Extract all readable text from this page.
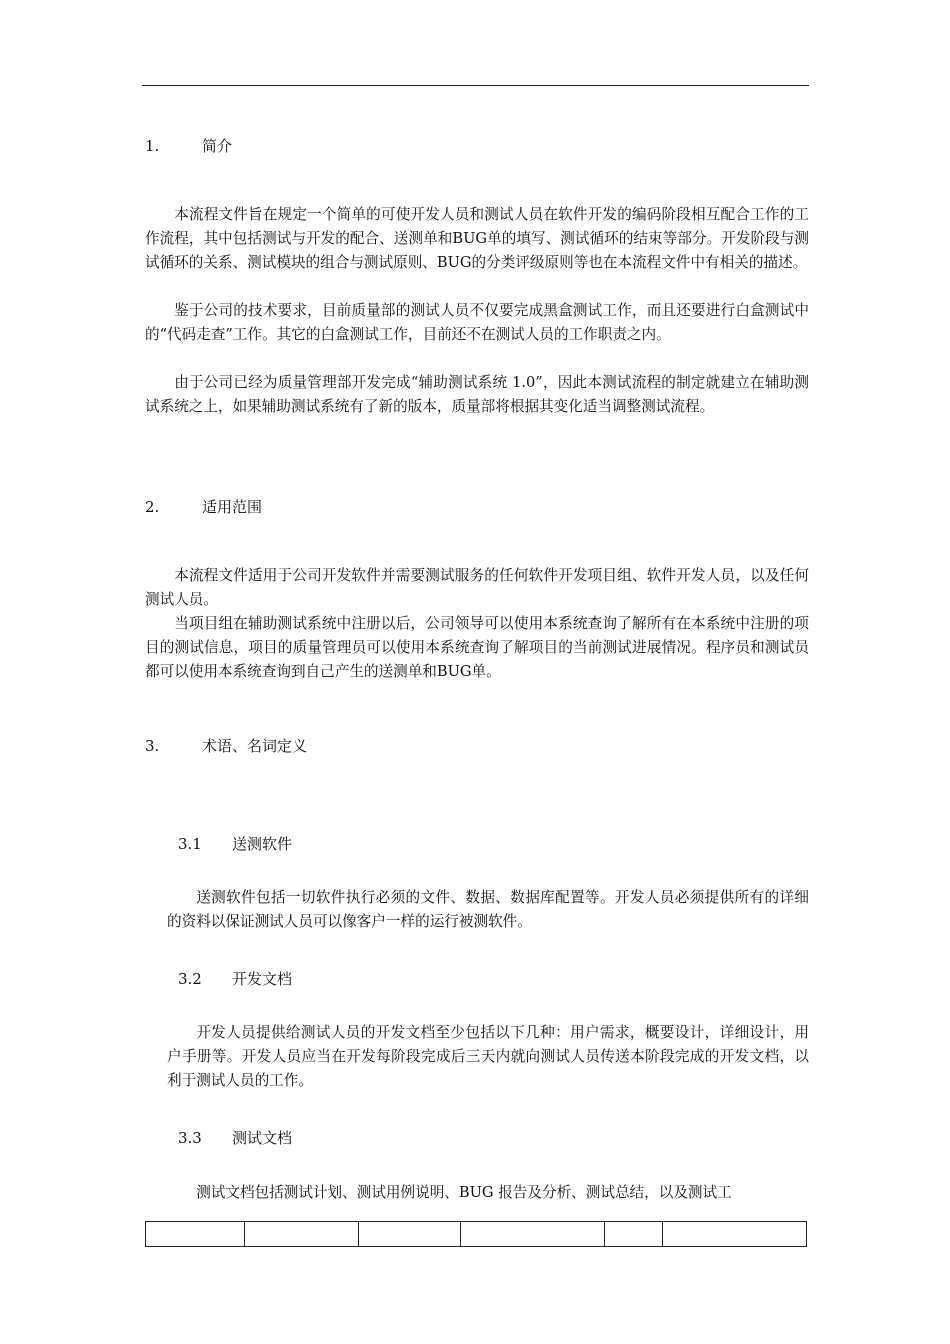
1.	简介

本流程文件旨在规定一个简单的可使开发人员和测试人员在软件开发的编码阶段相互配合工作的工作流程，其中包括测试与开发的配合、送测单和BUG单的填写、测试循环的结束等部分。开发阶段与测试循环的关系、测试模块的组合与测试原则、BUG的分类评级原则等也在本流程文件中有相关的描述。

鉴于公司的技术要求，目前质量部的测试人员不仅要完成黑盒测试工作，而且还要进行白盒测试中的“代码走查”工作。其它的白盒测试工作，目前还不在测试人员的工作职责之内。

由于公司已经为质量管理部开发完成“辅助测试系统 1.0”，因此本测试流程的制定就建立在辅助测试系统之上，如果辅助测试系统有了新的版本，质量部将根据其变化适当调整测试流程。

2.	适用范围

本流程文件适用于公司开发软件并需要测试服务的任何软件开发项目组、软件开发人员，以及任何测试人员。

当项目组在辅助测试系统中注册以后，公司领导可以使用本系统查询了解所有在本系统中注册的项目的测试信息，项目的质量管理员可以使用本系统查询了解项目的当前测试进展情况。程序员和测试员都可以使用本系统查询到自己产生的送测单和BUG单。

3.	术语、名词定义
3.1 送测软件

送测软件包括一切软件执行必须的文件、数据、数据库配置等。开发人员必须提供所有的详细的资料以保证测试人员可以像客户一样的运行被测软件。

3.2 开发文档

开发人员提供给测试人员的开发文档至少包括以下几种：用户需求，概要设计，详细设计，用户手册等。开发人员应当在开发每阶段完成后三天内就向测试人员传送本阶段完成的开发文档，以利于测试人员的工作。

3.3 测试文档

测试文档包括测试计划、测试用例说明、BUG 报告及分析、测试总结，以及测试工
